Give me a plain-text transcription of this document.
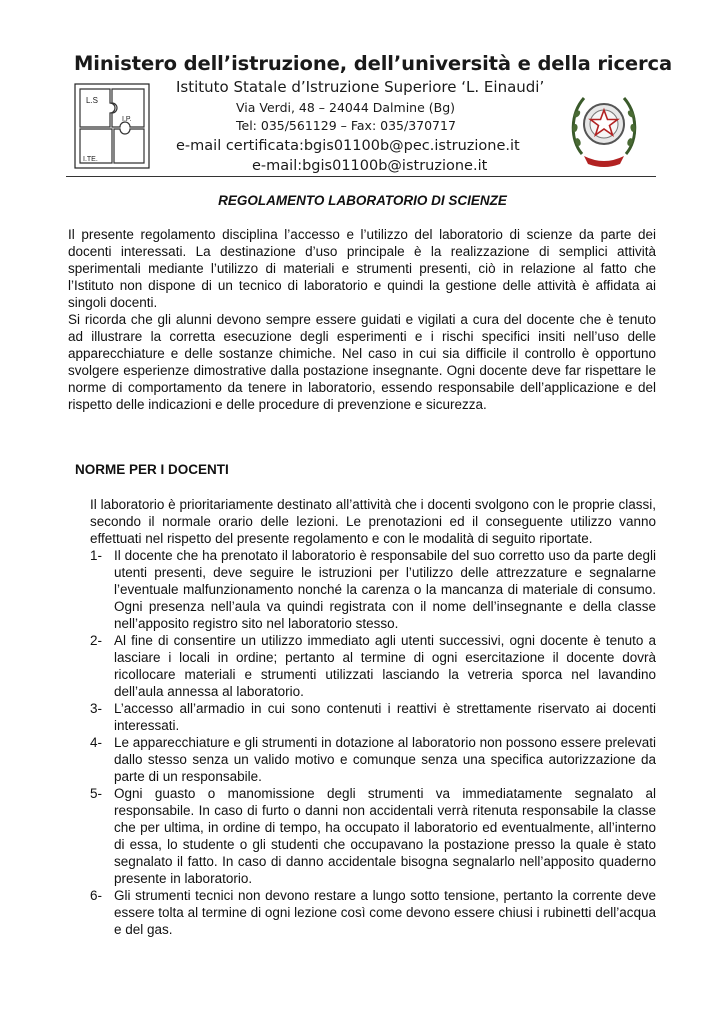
Ministero dell’istruzione, dell’università e della ricerca
L.S
I.P.
I.TE.
Istituto Statale d’Istruzione Superiore ‘L. Einaudi’
Via Verdi, 48 – 24044 Dalmine (Bg)
Tel: 035/561129 – Fax: 035/370717
e-mail certificata:bgis01100b@pec.istruzione.it
e-mail:bgis01100b@istruzione.it
REGOLAMENTO LABORATORIO DI SCIENZE

Il presente regolamento disciplina l’accesso e l’utilizzo del laboratorio di scienze da parte dei docenti interessati. La destinazione d’uso principale è la realizzazione di semplici attività sperimentali mediante l’utilizzo di materiali e strumenti presenti, ciò in relazione al fatto che l’Istituto non dispone di un tecnico di laboratorio e quindi la gestione delle attività è affidata ai singoli docenti.

Si ricorda che gli alunni devono sempre essere guidati e vigilati a cura del docente che è tenuto ad illustrare la corretta esecuzione degli esperimenti e i rischi specifici insiti nell’uso delle apparecchiature e delle sostanze chimiche. Nel caso in cui sia difficile il controllo è opportuno svolgere esperienze dimostrative dalla postazione insegnante. Ogni docente deve far rispettare le norme di comportamento da tenere in laboratorio, essendo responsabile dell’applicazione e del rispetto delle indicazioni e delle procedure di prevenzione e sicurezza.

NORME PER I DOCENTI

Il laboratorio è prioritariamente destinato all’attività che i docenti svolgono con le proprie classi, secondo il normale orario delle lezioni. Le prenotazioni ed il conseguente utilizzo vanno effettuati nel rispetto del presente regolamento e con le modalità di seguito riportate.

1- Il docente che ha prenotato il laboratorio è responsabile del suo corretto uso da parte degli utenti presenti, deve seguire le istruzioni per l’utilizzo delle attrezzature e segnalarne l’eventuale malfunzionamento nonché la carenza o la mancanza di materiale di consumo. Ogni presenza nell’aula va quindi registrata con il nome dell’insegnante e della classe nell’apposito registro sito nel laboratorio stesso.
2- Al fine di consentire un utilizzo immediato agli utenti successivi, ogni docente è tenuto a lasciare i locali in ordine; pertanto al termine di ogni esercitazione il docente dovrà ricollocare materiali e strumenti utilizzati lasciando la vetreria sporca nel lavandino dell’aula annessa al laboratorio.
3- L’accesso all’armadio in cui sono contenuti i reattivi è strettamente riservato ai docenti interessati.
4- Le apparecchiature e gli strumenti in dotazione al laboratorio non possono essere prelevati dallo stesso senza un valido motivo e comunque senza una specifica autorizzazione da parte di un responsabile.
5- Ogni guasto o manomissione degli strumenti va immediatamente segnalato al responsabile. In caso di furto o danni non accidentali verrà ritenuta responsabile la classe che per ultima, in ordine di tempo, ha occupato il laboratorio ed eventualmente, all’interno di essa, lo studente o gli studenti che occupavano la postazione presso la quale è stato segnalato il fatto. In caso di danno accidentale bisogna segnalarlo nell’apposito quaderno presente in laboratorio.
6- Gli strumenti tecnici non devono restare a lungo sotto tensione, pertanto la corrente deve essere tolta al termine di ogni lezione così come devono essere chiusi i rubinetti dell’acqua e del gas.
